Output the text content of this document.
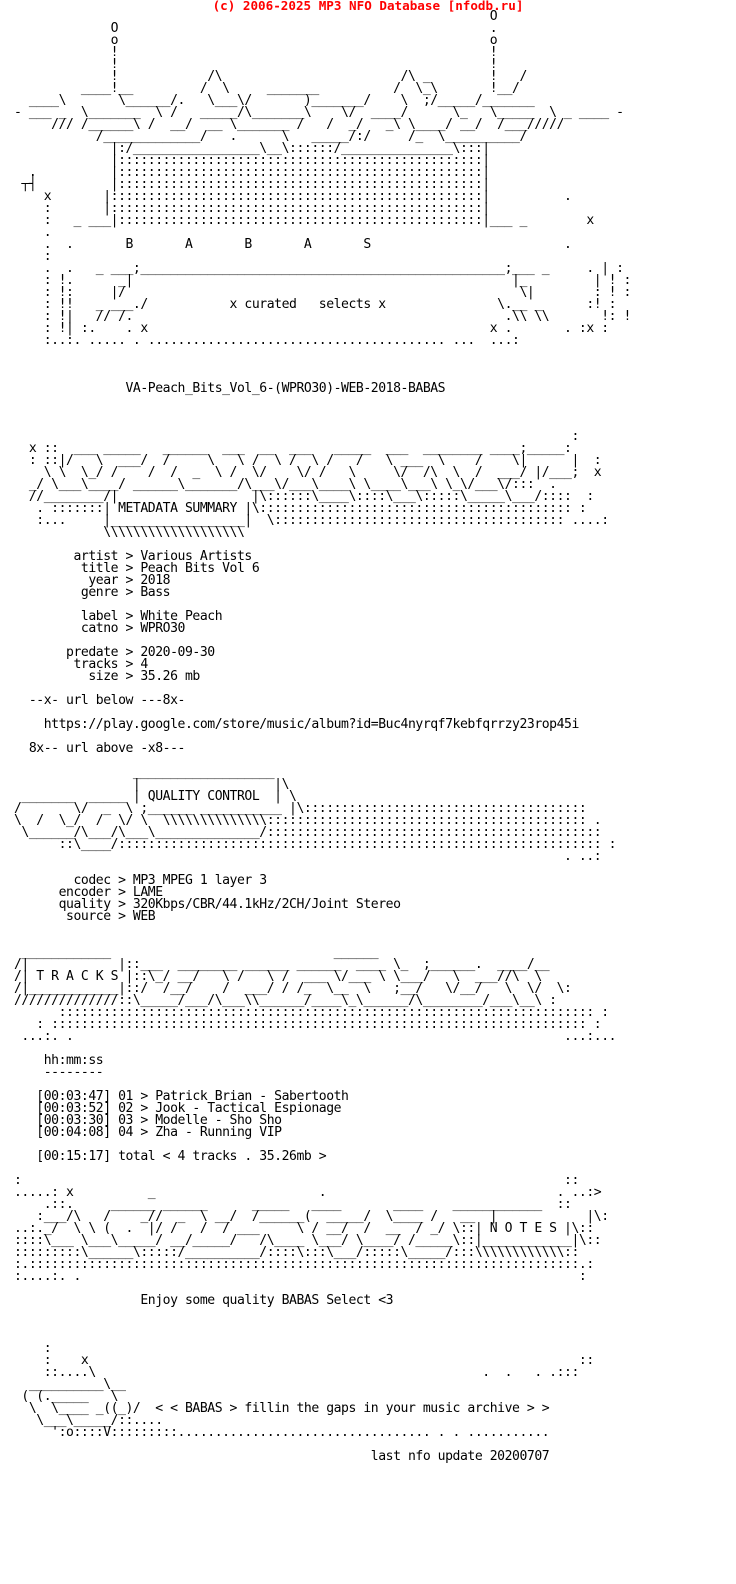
(c) 2006-2025 MP3 NFO Database [nfodb.ru]
O
O                                                  .
o                                                  o
!                                                  !
!                                                  !
!            /\                        /\ _        !   /
____!__         /  \     _______          /  \_\       !__/
____\       \______/.   \___\/       )_______/    \  ;/_____/_______
- ___ _  \_______  \ /   _____/\_______\    \/  ____/      \_   \_____  \ _ ____ -
/// /______\ /  __/  __ \_______ /   /  _/   _\ \____/ __/  /___/////
/_____________/   .      \   _____/:/     /_  \__________/
|:/_________________\__\::::::/_______________\:::|
|:::::::::::::::::::::::::::::::::::::::::::::::::|
.          |:::::::::::::::::::::::::::::::::::::::::::::::::|
┬┤          |:::::::::::::::::::::::::::::::::::::::::::::::::|
x       |::::::::::::::::::::::::::::::::::::::::::::::::::|          .
:       |::::::::::::::::::::::::::::::::::::::::::::::::::|
:   _ ___|:::::::::::::::::::::::::::::::::::::::::::::::::|___ _        x
.
.  .       B       A       B       A       S                          .
:
.  .   _ ___;_________________________________________________;___ _     . | :
: !.      _|                                                   |_         | ! :
: !:     |/                                                     \|        : ! :
: !!   _ ___./           x curated   selects x               \.__ _      :! :
: !|   // /.                                                  .\\ \\       !: !
: !| :.    . x                                              x .       . :x :
:..:. ..... . ........................................ ...  ...:

VA-Peach_Bits_Vol_6-(WPRO30)-WEB-2018-BABAS

:
x ::  ___ _____   ______  ___  __  ___   _____  ___  ________ ____;_____:
: ::|/   \  ___/  /     \   \ /  \ /  \ /   /   \ ___  \    /    \|      |  :
\ \  \_/ /    /  /  _  \ /  \/    \/ /   \     \/  /\  \  /  ___/ |/___;  x
_/ \___\____/ ______\_______/\___\/___\____\ \____\___\ \_\/___\/:::  .
//________/|                  |\::::::\____\::::\___\:::::\_____\___/::::  :
. :::::::| METADATA SUMMARY |\:::::::::::::::::::::::::::::::::::::::::: :
:...     |__________________|  \::::::::::::::::::::::::::::::::::::::: ....:
\\\\\\\\\\\\\\\\\\\

artist > Various Artists
title > Peach Bits Vol 6
year > 2018
genre > Bass

label > White Peach
catno > WPRO30

predate > 2020-09-30
tracks > 4
size > 35.26 mb

--x- url below ---8x-

https://play.google.com/store/music/album?id=Buc4nyrqf7kebfqrrzy23rop45i

8x-- url above -x8---

___________________
|                  |\
_______  _____ | QUALITY CONTROL  | \
/       \/  _  \ ;______ ___________ |\::::::::::::::::::::::::::::::::::::::
\  /  \_/  /  \/ \  \\\\\\\\\\\\\\::::::::::::::::::::::::::::::::::::::::::: .
\______/\___/\___\______________/:::::::::::::::::::::::::::::::::::::::::::::
::\____/::::::::::::::::::::::::::::::::::::::::::::::::::::::::::::::::: :
. ..:

codec > MP3 MPEG 1 layer 3
encoder > LAME
quality > 320Kbps/CBR/44.1kHz/2CH/Joint Stereo
source > WEB

____________                              ______
/|            |::___  ________ ______ ______  ____ \_  ;______.  ____/__
/| T R A C K S |::\_/ __/   \ /   \ /  ___ \/___ \ \___/   \  ___//\  \
/|____________|::/  /__/    /  ___/ / /_  \__  \   ;__/   \/__/   \  \/  \:
//////////////::\_____/___/\___\\______/____\_\______/\________/___\__\ :
:::::::::::::::::::::::::::::::::::::::::::::::::::::::::::::::::::::::: :
: :::::::::::::::::::::::::::::::::::::::::::::::::::::::::::::::::::::::: :
...:. .                                                                  ...:...

hh:mm:ss
--------

[00:03:47] 01 > Patrick Brian - Sabertooth
[00:03:52] 02 > Jook - Tactical Espionage
[00:03:30] 03 > Modelle - Sho Sho
[00:04:08] 04 > Zha - Running VIP

[00:15:17] total < 4 tracks . 35.26mb >

:                                                                         ::
.....: x          _                      .                               . ..:>
.::.     ______ ______      _____   ____       ____    ____________  ::
:___/\   /    _//  _  \ __/  /______(  _____/  \____ /   __  |            |\:
..:._/  \ \ (  .  |/ /   /  / ___     \ / __/  /  __  / _/ \::| N O T E S |\::
::::\___ \___\_____/ __/_____/   /\____ \___/ \____/ /_____\::|____________|\::
:::::::::\______\:::::/__________/::::\:::\___/:::::\_____/:::\\\\\\\\\\\\::
:.::::::::::::::::::::::::::::::::::::::::::::::::::::::::::::::::::::::::::.:
:....:. .                                                                   :

Enjoy some quality BABAS Select <3

:
:    x                                                                  ::
::....\                                                    .  .   . .:::
__________\__
( (._____   \
\  \____ _((_)/  < < BABAS > fillin the gaps in your music archive > >
\___\_____/::....
':o::::V:::::::::.................................. . . ...........

last nfo update 20200707
